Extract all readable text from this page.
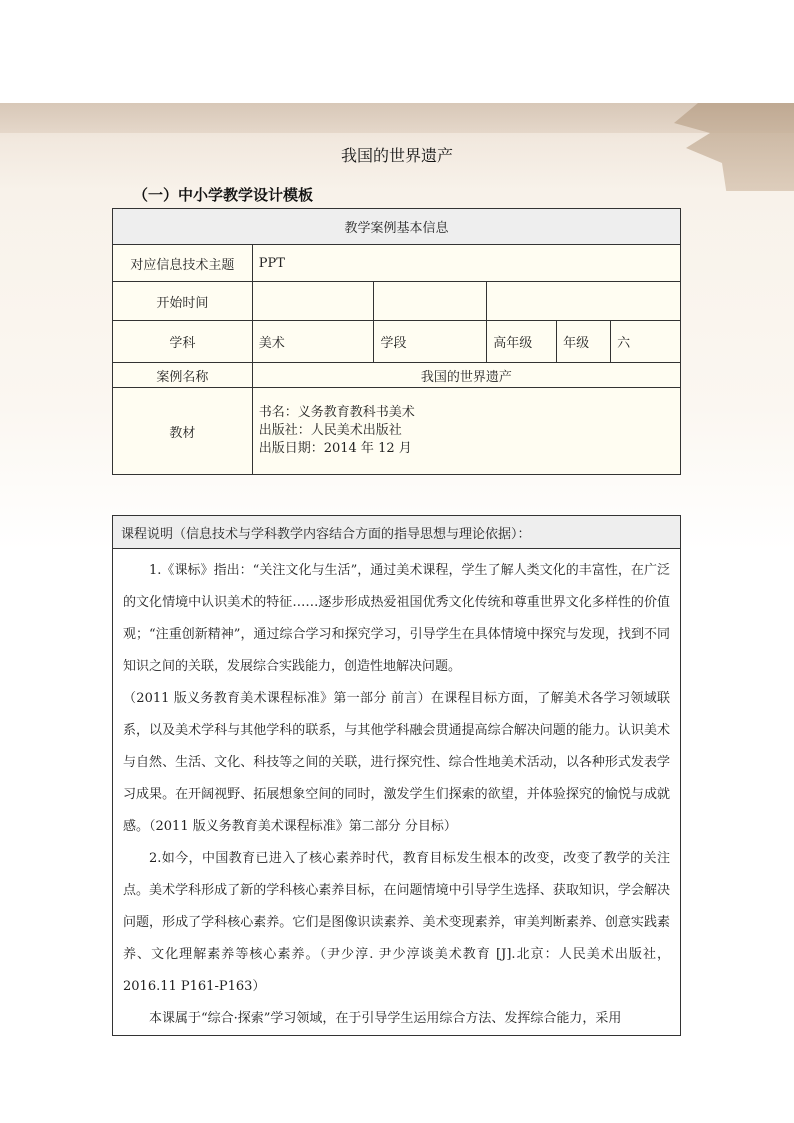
我国的世界遗产
（一）中小学教学设计模板
教学案例基本信息					
对应信息技术主题	PPT				
开始时间					
学科	美术	学段	高年级	年级	六
案例名称	我国的世界遗产				
教材	书名：义务教育教科书美术
出版社：人民美术出版社
出版日期：2014 年 12 月				
课程说明（信息技术与学科教学内容结合方面的指导思想与理论依据）：

1.《课标》指出：“关注文化与生活”，通过美术课程，学生了解人类文化的丰富性，在广泛的文化情境中认识美术的特征……逐步形成热爱祖国优秀文化传统和尊重世界文化多样性的价值观；“注重创新精神”，通过综合学习和探究学习，引导学生在具体情境中探究与发现，找到不同知识之间的关联，发展综合实践能力，创造性地解决问题。

（2011 版义务教育美术课程标准》第一部分 前言）在课程目标方面，了解美术各学习领域联系，以及美术学科与其他学科的联系，与其他学科融会贯通提高综合解决问题的能力。认识美术与自然、生活、文化、科技等之间的关联，进行探究性、综合性地美术活动，以各种形式发表学习成果。在开阔视野、拓展想象空间的同时，激发学生们探索的欲望，并体验探究的愉悦与成就感。（2011 版义务教育美术课程标准》第二部分 分目标）

2.如今，中国教育已进入了核心素养时代，教育目标发生根本的改变，改变了教学的关注点。美术学科形成了新的学科核心素养目标，在问题情境中引导学生选择、获取知识，学会解决问题，形成了学科核心素养。它们是图像识读素养、美术变现素养，审美判断素养、创意实践素养、文化理解素养等核心素养。（尹少淳. 尹少淳谈美术教育 [J].北京：人民美术出版社，2016.11 P161-P163）

本课属于“综合·探索”学习领域，在于引导学生运用综合方法、发挥综合能力，采用
